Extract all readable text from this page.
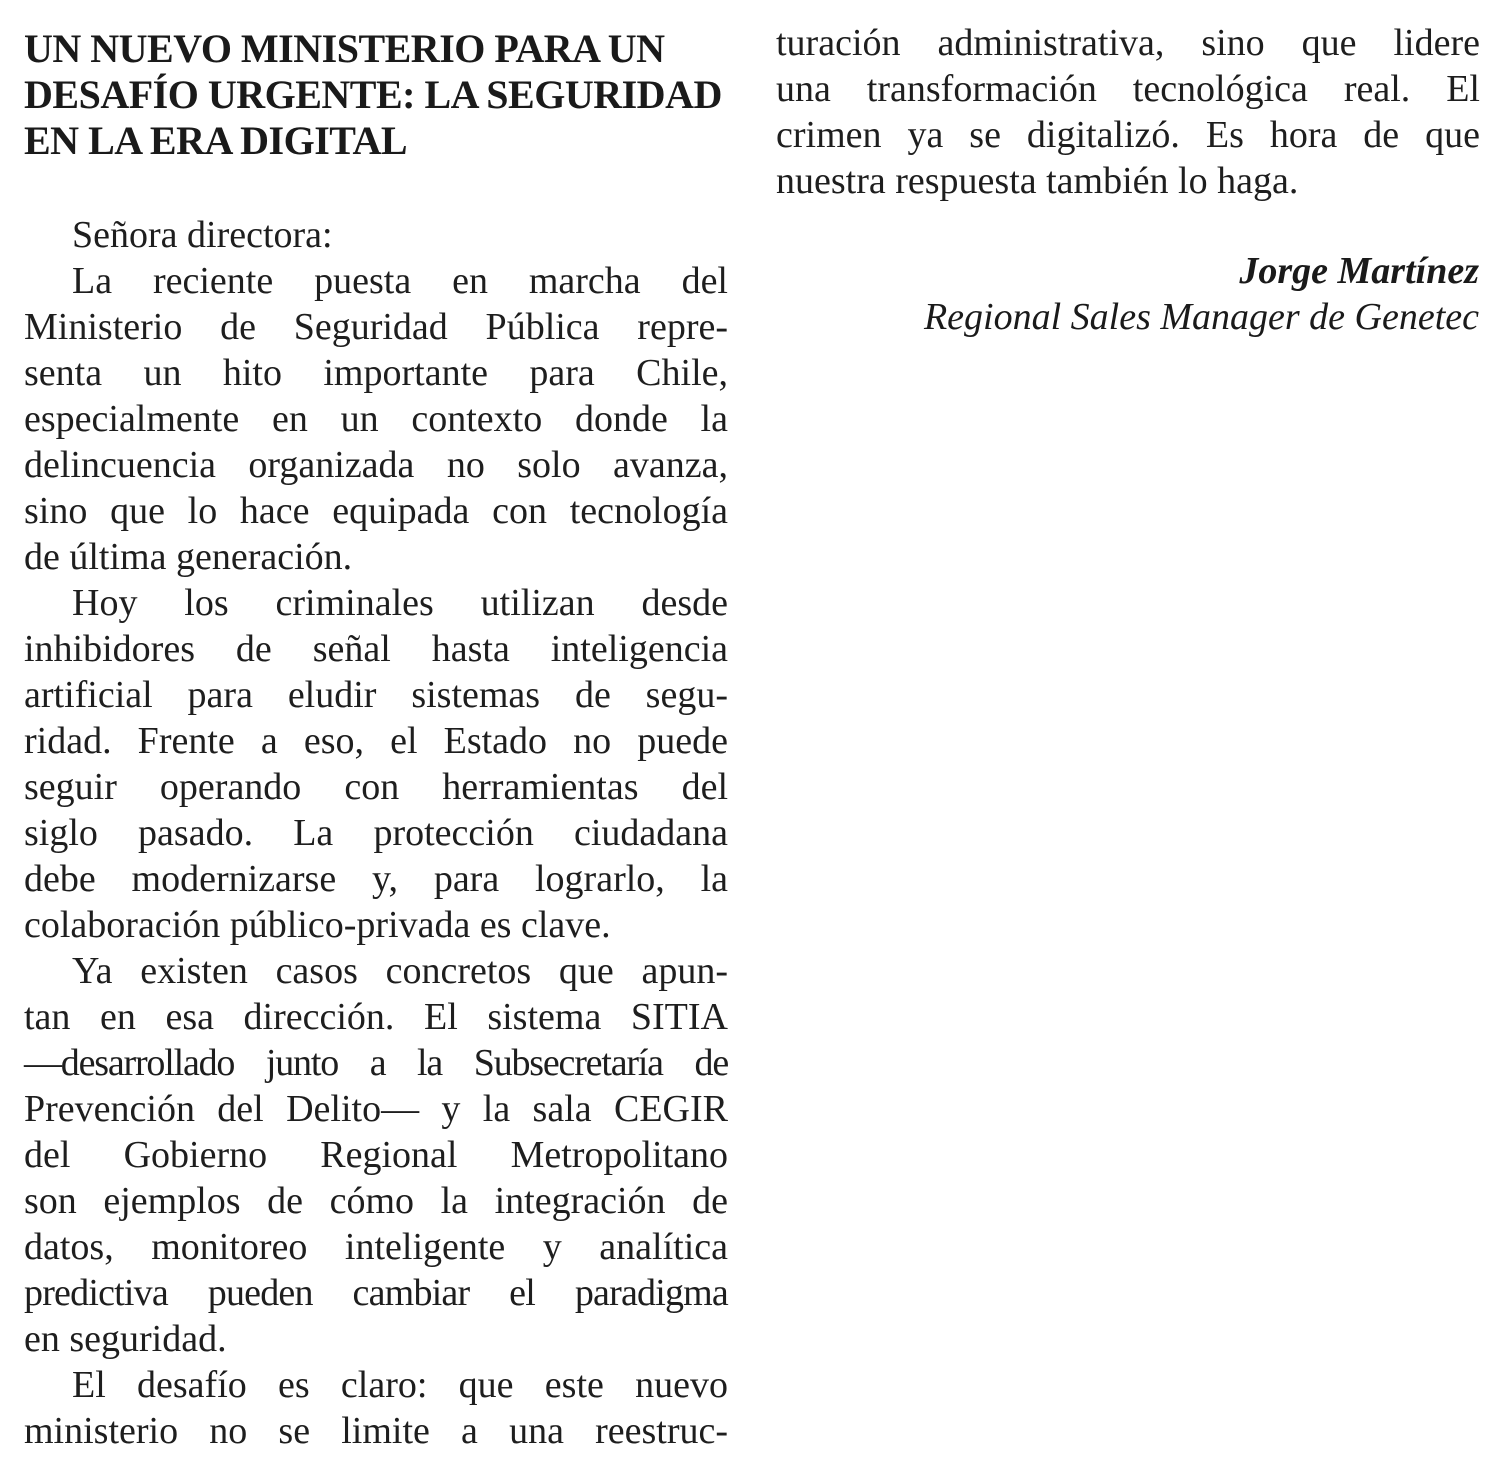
UN NUEVO MINISTERIO PARA UN DESAFÍO URGENTE: LA SEGURIDAD EN LA ERA DIGITAL

Señora directora:

La reciente puesta en marcha del

Ministerio de Seguridad Pública repre-

senta un hito importante para Chile,

especialmente en un contexto donde la

delincuencia organizada no solo avanza,

sino que lo hace equipada con tecnología

de última generación.

Hoy los criminales utilizan desde

inhibidores de señal hasta inteligencia

artificial para eludir sistemas de segu-

ridad. Frente a eso, el Estado no puede

seguir operando con herramientas del

siglo pasado. La protección ciudadana

debe modernizarse y, para lograrlo, la

colaboración público-privada es clave.

Ya existen casos concretos que apun-

tan en esa dirección. El sistema SITIA

—desarrollado junto a la Subsecretaría de

Prevención del Delito— y la sala CEGIR

del Gobierno Regional Metropolitano

son ejemplos de cómo la integración de

datos, monitoreo inteligente y analítica

predictiva pueden cambiar el paradigma

en seguridad.

El desafío es claro: que este nuevo

ministerio no se limite a una reestruc-

turación administrativa, sino que lidere

una transformación tecnológica real. El

crimen ya se digitalizó. Es hora de que

nuestra respuesta también lo haga.

Jorge Martínez
Regional Sales Manager de Genetec
